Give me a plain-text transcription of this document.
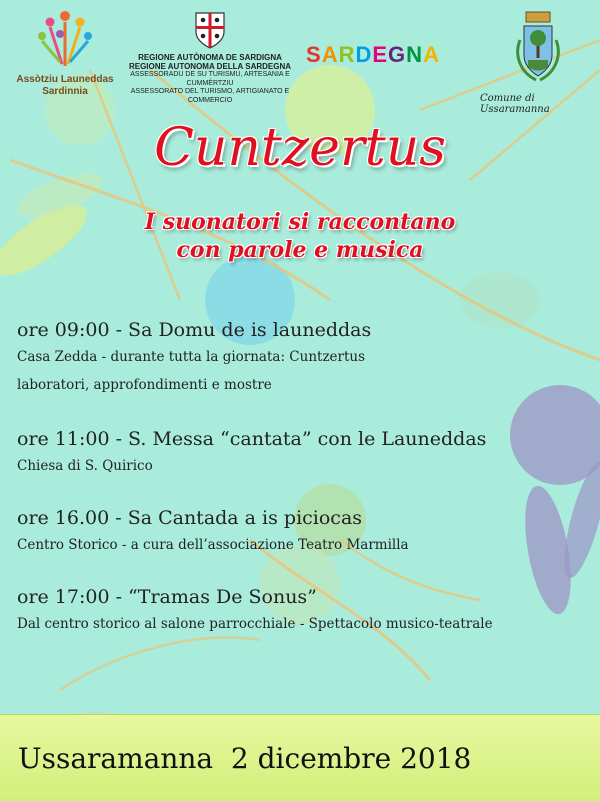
Assòtziu Launeddas
Sardinnia
REGIONE AUTÒNOMA DE SARDIGNA
REGIONE AUTONOMA DELLA SARDEGNA
ASSESSORADU DE SU TURISMU, ARTESANIA E CUMMÈRTZIU
ASSESSORATO DEL TURISMO, ARTIGIANATO E COMMERCIO
SARDEGNA
Comune di Ussaramanna
Cuntzertus
I suonatori si raccontano
con parole e musica
ore 09:00 - Sa Domu de is launeddas
Casa Zedda - durante tutta la giornata: Cuntzertus
laboratori, approfondimenti e mostre
ore 11:00 - S. Messa “cantata” con le Launeddas
Chiesa di S. Quirico
ore 16.00 - Sa Cantada a is piciocas
Centro Storico - a cura dell’associazione Teatro Marmilla
ore 17:00 - “Tramas De Sonus”
Dal centro storico al salone parrocchiale - Spettacolo musico-teatrale
Ussaramanna  2 dicembre 2018
